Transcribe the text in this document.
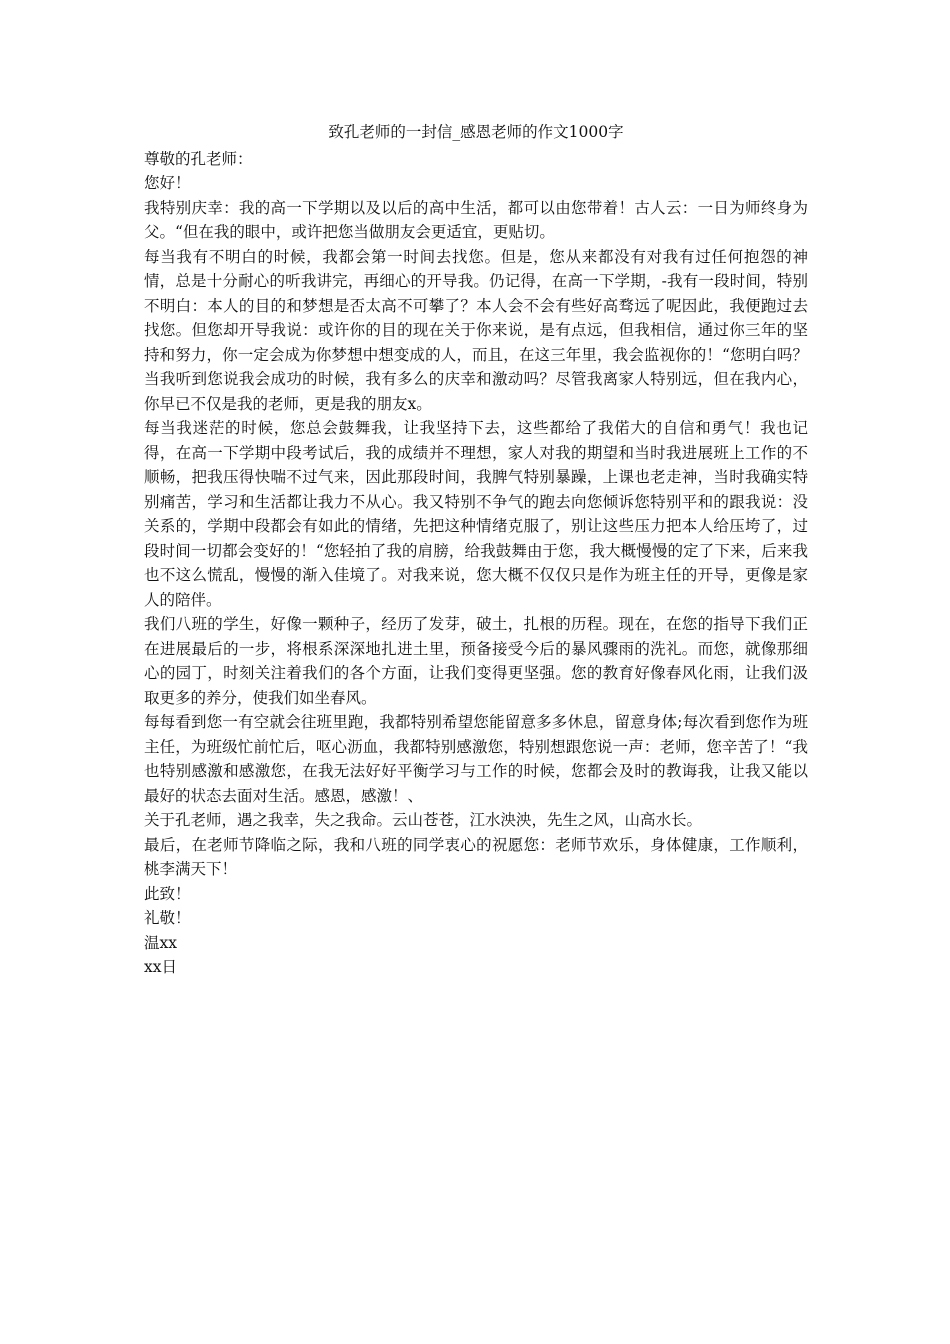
致孔老师的一封信_感恩老师的作文1000字

尊敬的孔老师：

您好！

我特别庆幸：我的高一下学期以及以后的高中生活，都可以由您带着！古人云：一日为师终身为父。“但在我的眼中，或许把您当做朋友会更适宜，更贴切。

每当我有不明白的时候，我都会第一时间去找您。但是，您从来都没有对我有过任何抱怨的神情，总是十分耐心的听我讲完，再细心的开导我。仍记得，在高一下学期，-我有一段时间，特别不明白：本人的目的和梦想是否太高不可攀了？本人会不会有些好高骛远了呢因此，我便跑过去找您。但您却开导我说：或许你的目的现在关于你来说，是有点远，但我相信，通过你三年的坚持和努力，你一定会成为你梦想中想变成的人，而且，在这三年里，我会监视你的！“您明白吗？当我听到您说我会成功的时候，我有多么的庆幸和激动吗？尽管我离家人特别远，但在我内心，你早已不仅是我的老师，更是我的朋友x。

每当我迷茫的时候，您总会鼓舞我，让我坚持下去，这些都给了我偌大的自信和勇气！我也记得，在高一下学期中段考试后，我的成绩并不理想，家人对我的期望和当时我进展班上工作的不顺畅，把我压得快喘不过气来，因此那段时间，我脾气特别暴躁，上课也老走神，当时我确实特别痛苦，学习和生活都让我力不从心。我又特别不争气的跑去向您倾诉您特别平和的跟我说：没关系的，学期中段都会有如此的情绪，先把这种情绪克服了，别让这些压力把本人给压垮了，过段时间一切都会变好的！“您轻拍了我的肩膀，给我鼓舞由于您，我大概慢慢的定了下来，后来我也不这么慌乱，慢慢的渐入佳境了。对我来说，您大概不仅仅只是作为班主任的开导，更像是家人的陪伴。

我们八班的学生，好像一颗种子，经历了发芽，破土，扎根的历程。现在，在您的指导下我们正在进展最后的一步，将根系深深地扎进土里，预备接受今后的暴风骤雨的洗礼。而您，就像那细心的园丁，时刻关注着我们的各个方面，让我们变得更坚强。您的教育好像春风化雨，让我们汲取更多的养分，使我们如坐春风。

每每看到您一有空就会往班里跑，我都特别希望您能留意多多休息，留意身体;每次看到您作为班主任，为班级忙前忙后，呕心沥血，我都特别感激您，特别想跟您说一声：老师，您辛苦了！“我也特别感激和感激您，在我无法好好平衡学习与工作的时候，您都会及时的教诲我，让我又能以最好的状态去面对生活。感恩，感激！、

关于孔老师，遇之我幸，失之我命。云山苍苍，江水泱泱，先生之风，山高水长。

最后，在老师节降临之际，我和八班的同学衷心的祝愿您：老师节欢乐，身体健康，工作顺利，桃李满天下！

此致！

礼敬！

温xx

xx日
